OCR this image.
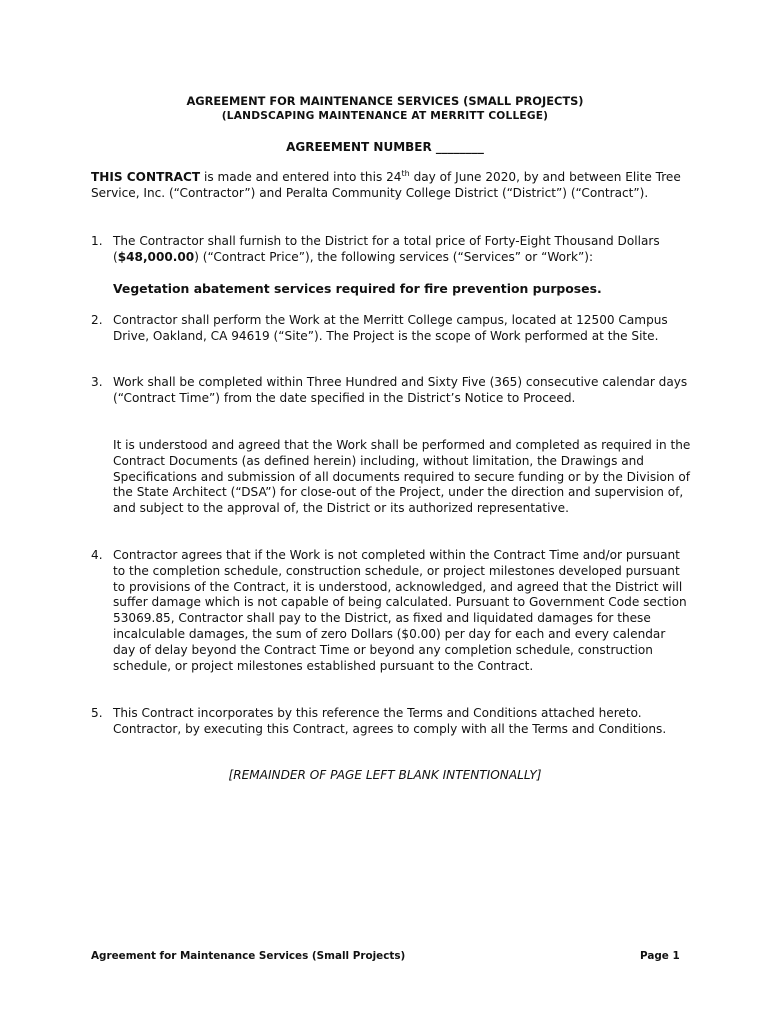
AGREEMENT FOR MAINTENANCE SERVICES (SMALL PROJECTS)
(LANDSCAPING MAINTENANCE AT MERRITT COLLEGE)
AGREEMENT NUMBER ________
THIS CONTRACT is made and entered into this 24th day of June 2020, by and between Elite Tree Service, Inc. (“Contractor”) and Peralta Community College District (“District”) (“Contract”).
1. The Contractor shall furnish to the District for a total price of Forty-Eight Thousand Dollars ($48,000.00) (“Contract Price”), the following services (“Services” or “Work”):
Vegetation abatement services required for fire prevention purposes.
2. Contractor shall perform the Work at the Merritt College campus, located at 12500 Campus Drive, Oakland, CA 94619 (“Site”). The Project is the scope of Work performed at the Site.
3. Work shall be completed within Three Hundred and Sixty Five (365) consecutive calendar days (“Contract Time”) from the date specified in the District’s Notice to Proceed.
It is understood and agreed that the Work shall be performed and completed as required in the Contract Documents (as defined herein) including, without limitation, the Drawings and Specifications and submission of all documents required to secure funding or by the Division of the State Architect (“DSA”) for close-out of the Project, under the direction and supervision of, and subject to the approval of, the District or its authorized representative.
4. Contractor agrees that if the Work is not completed within the Contract Time and/or pursuant to the completion schedule, construction schedule, or project milestones developed pursuant to provisions of the Contract, it is understood, acknowledged, and agreed that the District will suffer damage which is not capable of being calculated. Pursuant to Government Code section 53069.85, Contractor shall pay to the District, as fixed and liquidated damages for these incalculable damages, the sum of zero Dollars ($0.00) per day for each and every calendar day of delay beyond the Contract Time or beyond any completion schedule, construction schedule, or project milestones established pursuant to the Contract.
5. This Contract incorporates by this reference the Terms and Conditions attached hereto. Contractor, by executing this Contract, agrees to comply with all the Terms and Conditions.
[REMAINDER OF PAGE LEFT BLANK INTENTIONALLY]
Agreement for Maintenance Services (Small Projects)	Page 1
